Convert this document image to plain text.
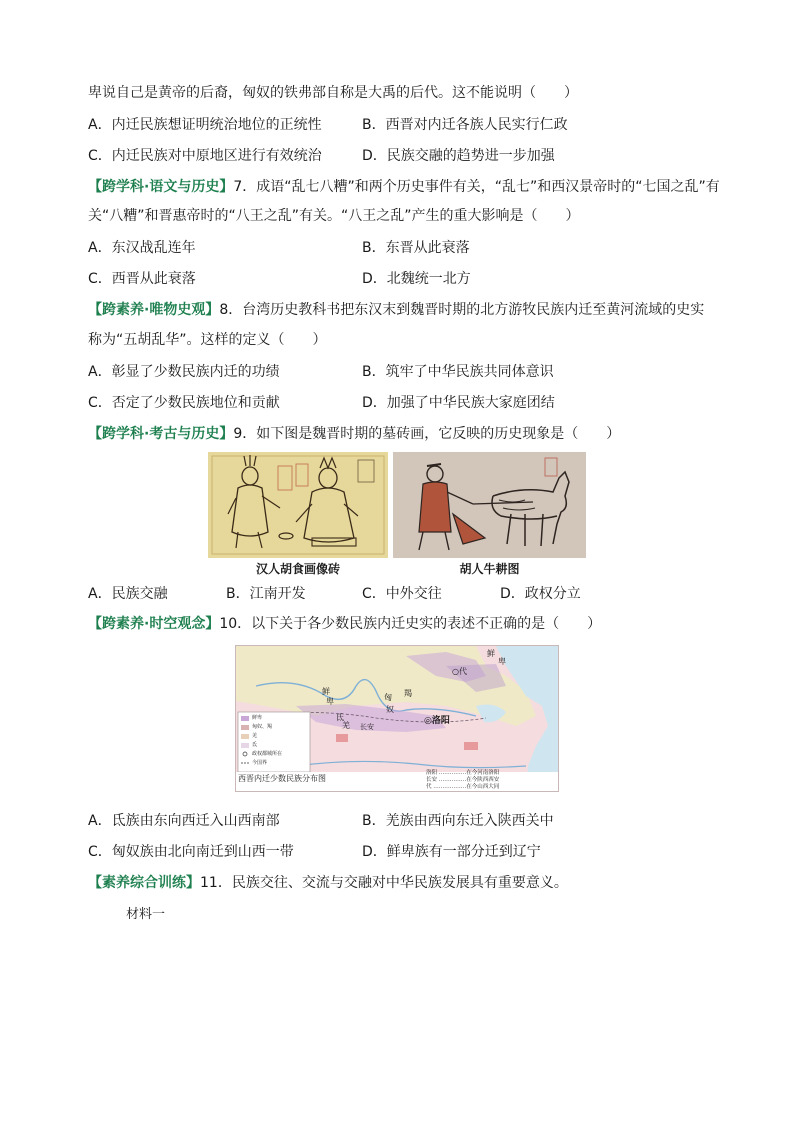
卑说自己是黄帝的后裔，匈奴的铁弗部自称是大禹的后代。这不能说明（　　）
A．内迁民族想证明统治地位的正统性	B．西晋对内迁各族人民实行仁政
C．内迁民族对中原地区进行有效统治	D．民族交融的趋势进一步加强
【跨学科·语文与历史】7．成语“乱七八糟”和两个历史事件有关，“乱七”和西汉景帝时的“七国之乱”有
关“八糟”和晋惠帝时的“八王之乱”有关。“八王之乱”产生的重大影响是（　　）
A．东汉战乱连年	B．东晋从此衰落
C．西晋从此衰落	D．北魏统一北方
【跨素养·唯物史观】8．台湾历史教科书把东汉末到魏晋时期的北方游牧民族内迁至黄河流域的史实
称为“五胡乱华”。这样的定义（　　）
A．彰显了少数民族内迁的功绩	B．筑牢了中华民族共同体意识
C．否定了少数民族地位和贡献	D．加强了中华民族大家庭团结
【跨学科·考古与历史】9．如下图是魏晋时期的墓砖画，它反映的历史现象是（　　）
汉人胡食画像砖	胡人牛耕图
A．民族交融	B．江南开发	C．中外交往	D．政权分立
【跨素养·时空观念】10．以下关于各少数民族内迁史实的表述不正确的是（　　）
鲜
卑
○代
鲜
卑	匈
奴
羯
氐
羌 长安
◎洛阳
鲜卑
匈奴、羯
羌
氐
政权都城所在
今国界
西晋内迁少数民族分布图
洛阳 ……………在今河南洛阳
长安 ……………在今陕西西安
代 ………………在今山西大同
A．氐族由东向西迁入山西南部	B．羌族由西向东迁入陕西关中
C．匈奴族由北向南迁到山西一带	D．鲜卑族有一部分迁到辽宁
【素养综合训练】11．民族交往、交流与交融对中华民族发展具有重要意义。
材料一
